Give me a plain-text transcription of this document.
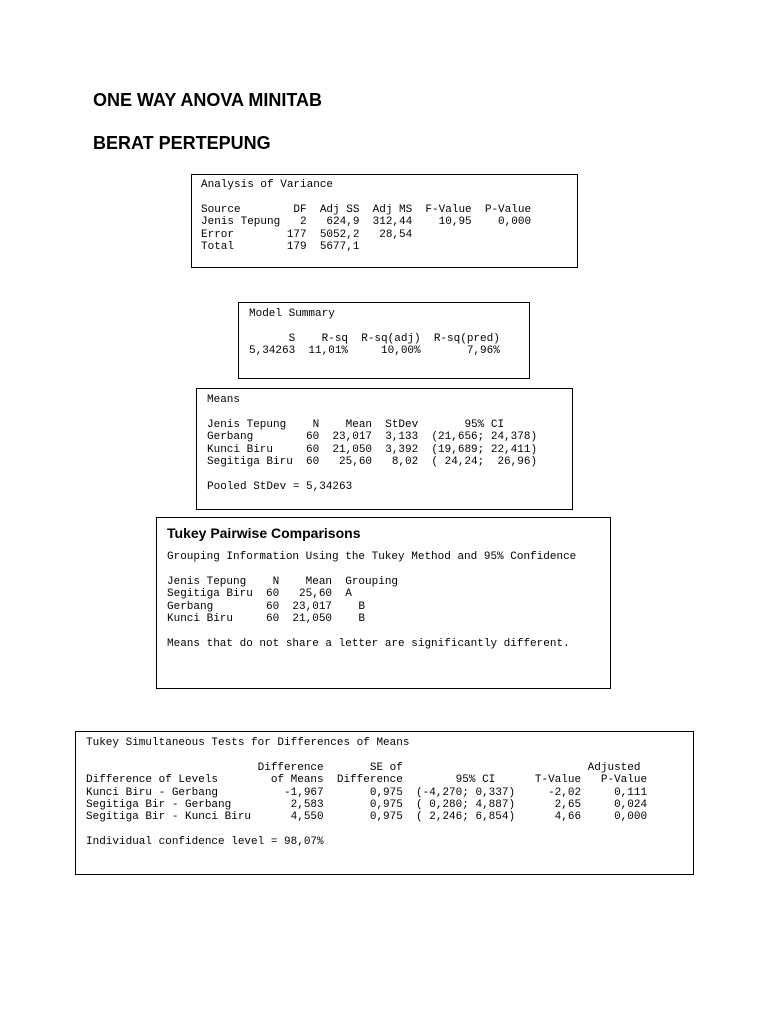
ONE WAY ANOVA MINITAB
BERAT PERTEPUNG
Analysis of Variance

Source        DF  Adj SS  Adj MS  F-Value  P-Value
Jenis Tepung   2   624,9  312,44    10,95    0,000
Error        177  5052,2   28,54
Total        179  5677,1
Model Summary

S    R-sq  R-sq(adj)  R-sq(pred)
5,34263  11,01%     10,00%       7,96%
Means

Jenis Tepung    N    Mean  StDev       95% CI
Gerbang        60  23,017  3,133  (21,656; 24,378)
Kunci Biru     60  21,050  3,392  (19,689; 22,411)
Segitiga Biru  60   25,60   8,02  ( 24,24;  26,96)

Pooled StDev = 5,34263
Tukey Pairwise Comparisons
Grouping Information Using the Tukey Method and 95% Confidence

Jenis Tepung    N    Mean  Grouping
Segitiga Biru  60   25,60  A
Gerbang        60  23,017    B
Kunci Biru     60  21,050    B

Means that do not share a letter are significantly different.
Tukey Simultaneous Tests for Differences of Means

Difference       SE of                            Adjusted
Difference of Levels        of Means  Difference        95% CI      T-Value   P-Value
Kunci Biru - Gerbang          -1,967       0,975  (-4,270; 0,337)     -2,02     0,111
Segitiga Bir - Gerbang         2,583       0,975  ( 0,280; 4,887)      2,65     0,024
Segitiga Bir - Kunci Biru      4,550       0,975  ( 2,246; 6,854)      4,66     0,000

Individual confidence level = 98,07%
